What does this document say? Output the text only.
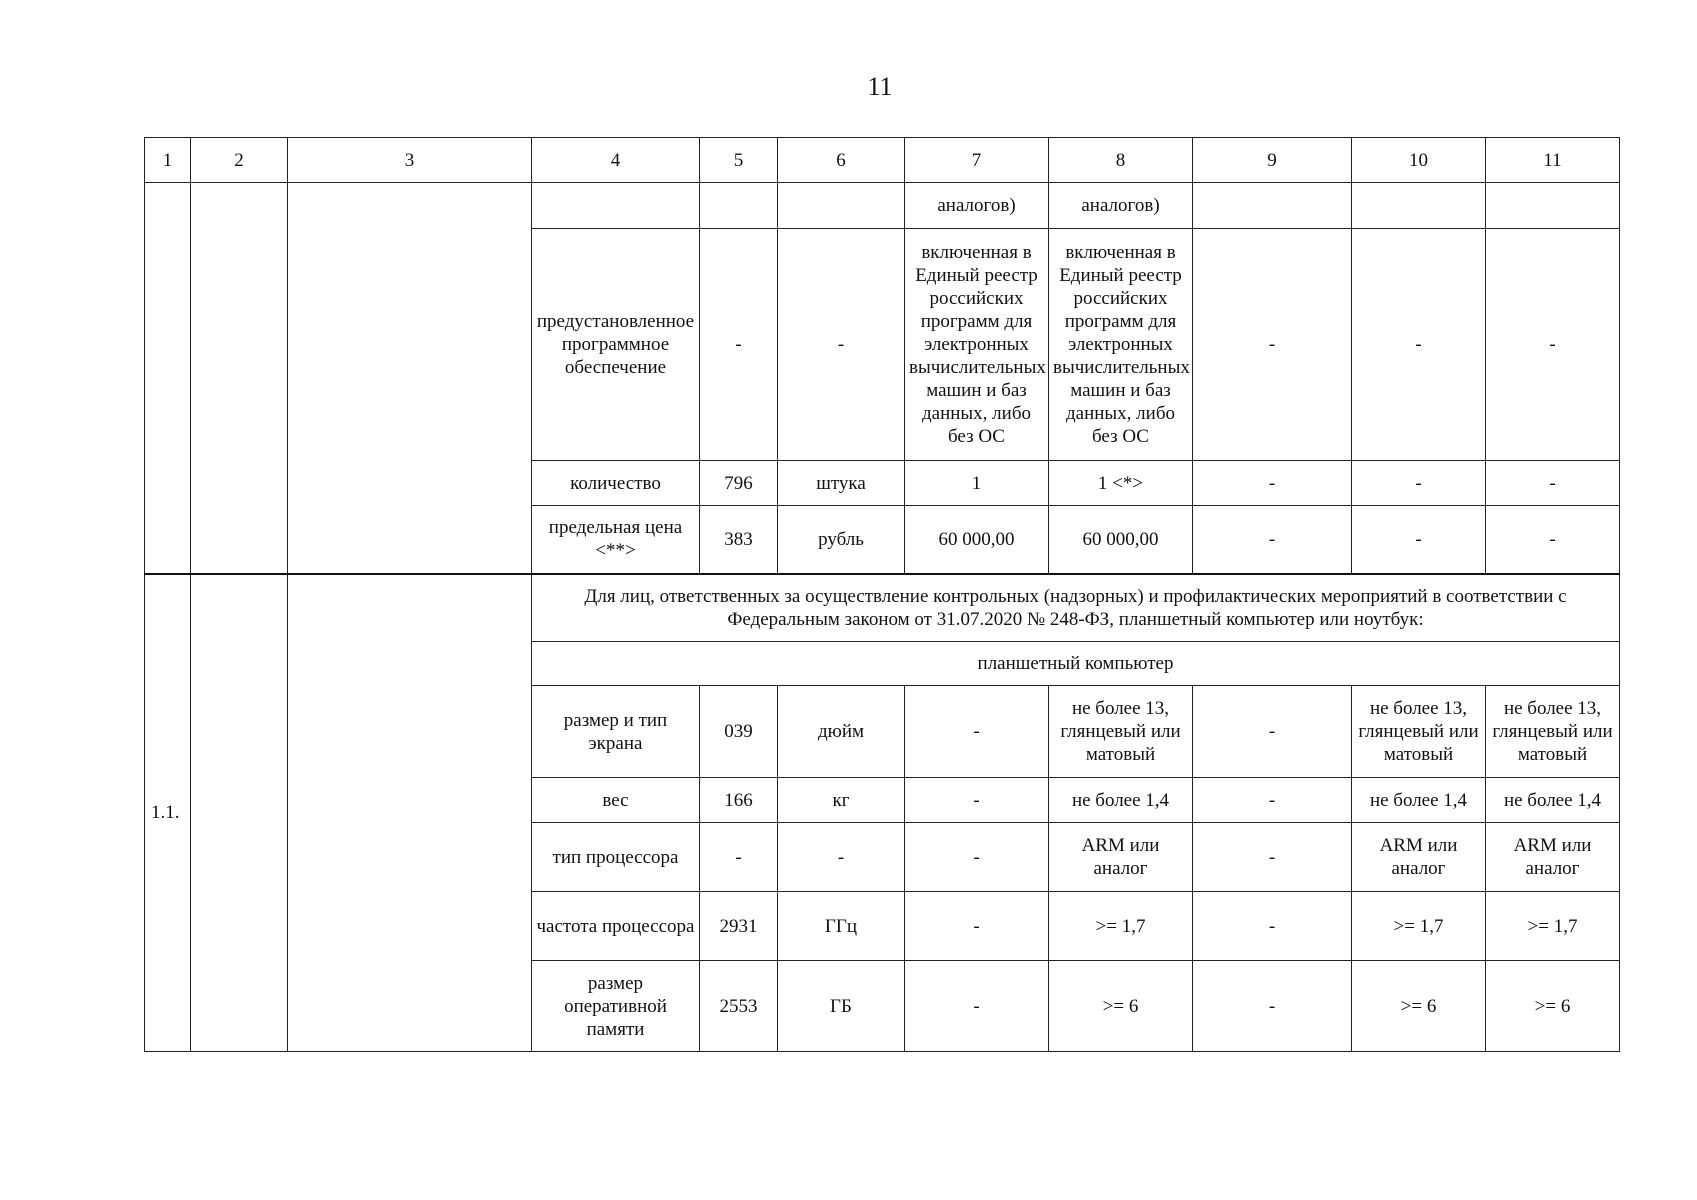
11
1	2	3	4	5	6	7	8	9	10	11
						аналогов)	аналогов)			
			предустановленное программное обеспечение	-	-	включенная в Единый реестр российских программ для электронных вычислительных машин и баз данных, либо без ОС	включенная в Единый реестр российских программ для электронных вычислительных машин и баз данных, либо без ОС	-	-	-
			количество	796	штука	1	1 <*>	-	-	-
			предельная цена <**>	383	рубль	60 000,00	60 000,00	-	-	-
1.1.			Для лиц, ответственных за осуществление контрольных (надзорных) и профилактических мероприятий в соответствии с Федеральным законом от 31.07.2020 № 248-ФЗ, планшетный компьютер или ноутбук:							
			планшетный компьютер							
			размер и тип экрана	039	дюйм	-	не более 13, глянцевый или матовый	-	не более 13, глянцевый или матовый	не более 13, глянцевый или матовый
			вес	166	кг	-	не более 1,4	-	не более 1,4	не более 1,4
			тип процессора	-	-	-	ARM или аналог	-	ARM или аналог	ARM или аналог
			частота процессора	2931	ГГц	-	>= 1,7	-	>= 1,7	>= 1,7
			размер оперативной памяти	2553	ГБ	-	>= 6	-	>= 6	>= 6
